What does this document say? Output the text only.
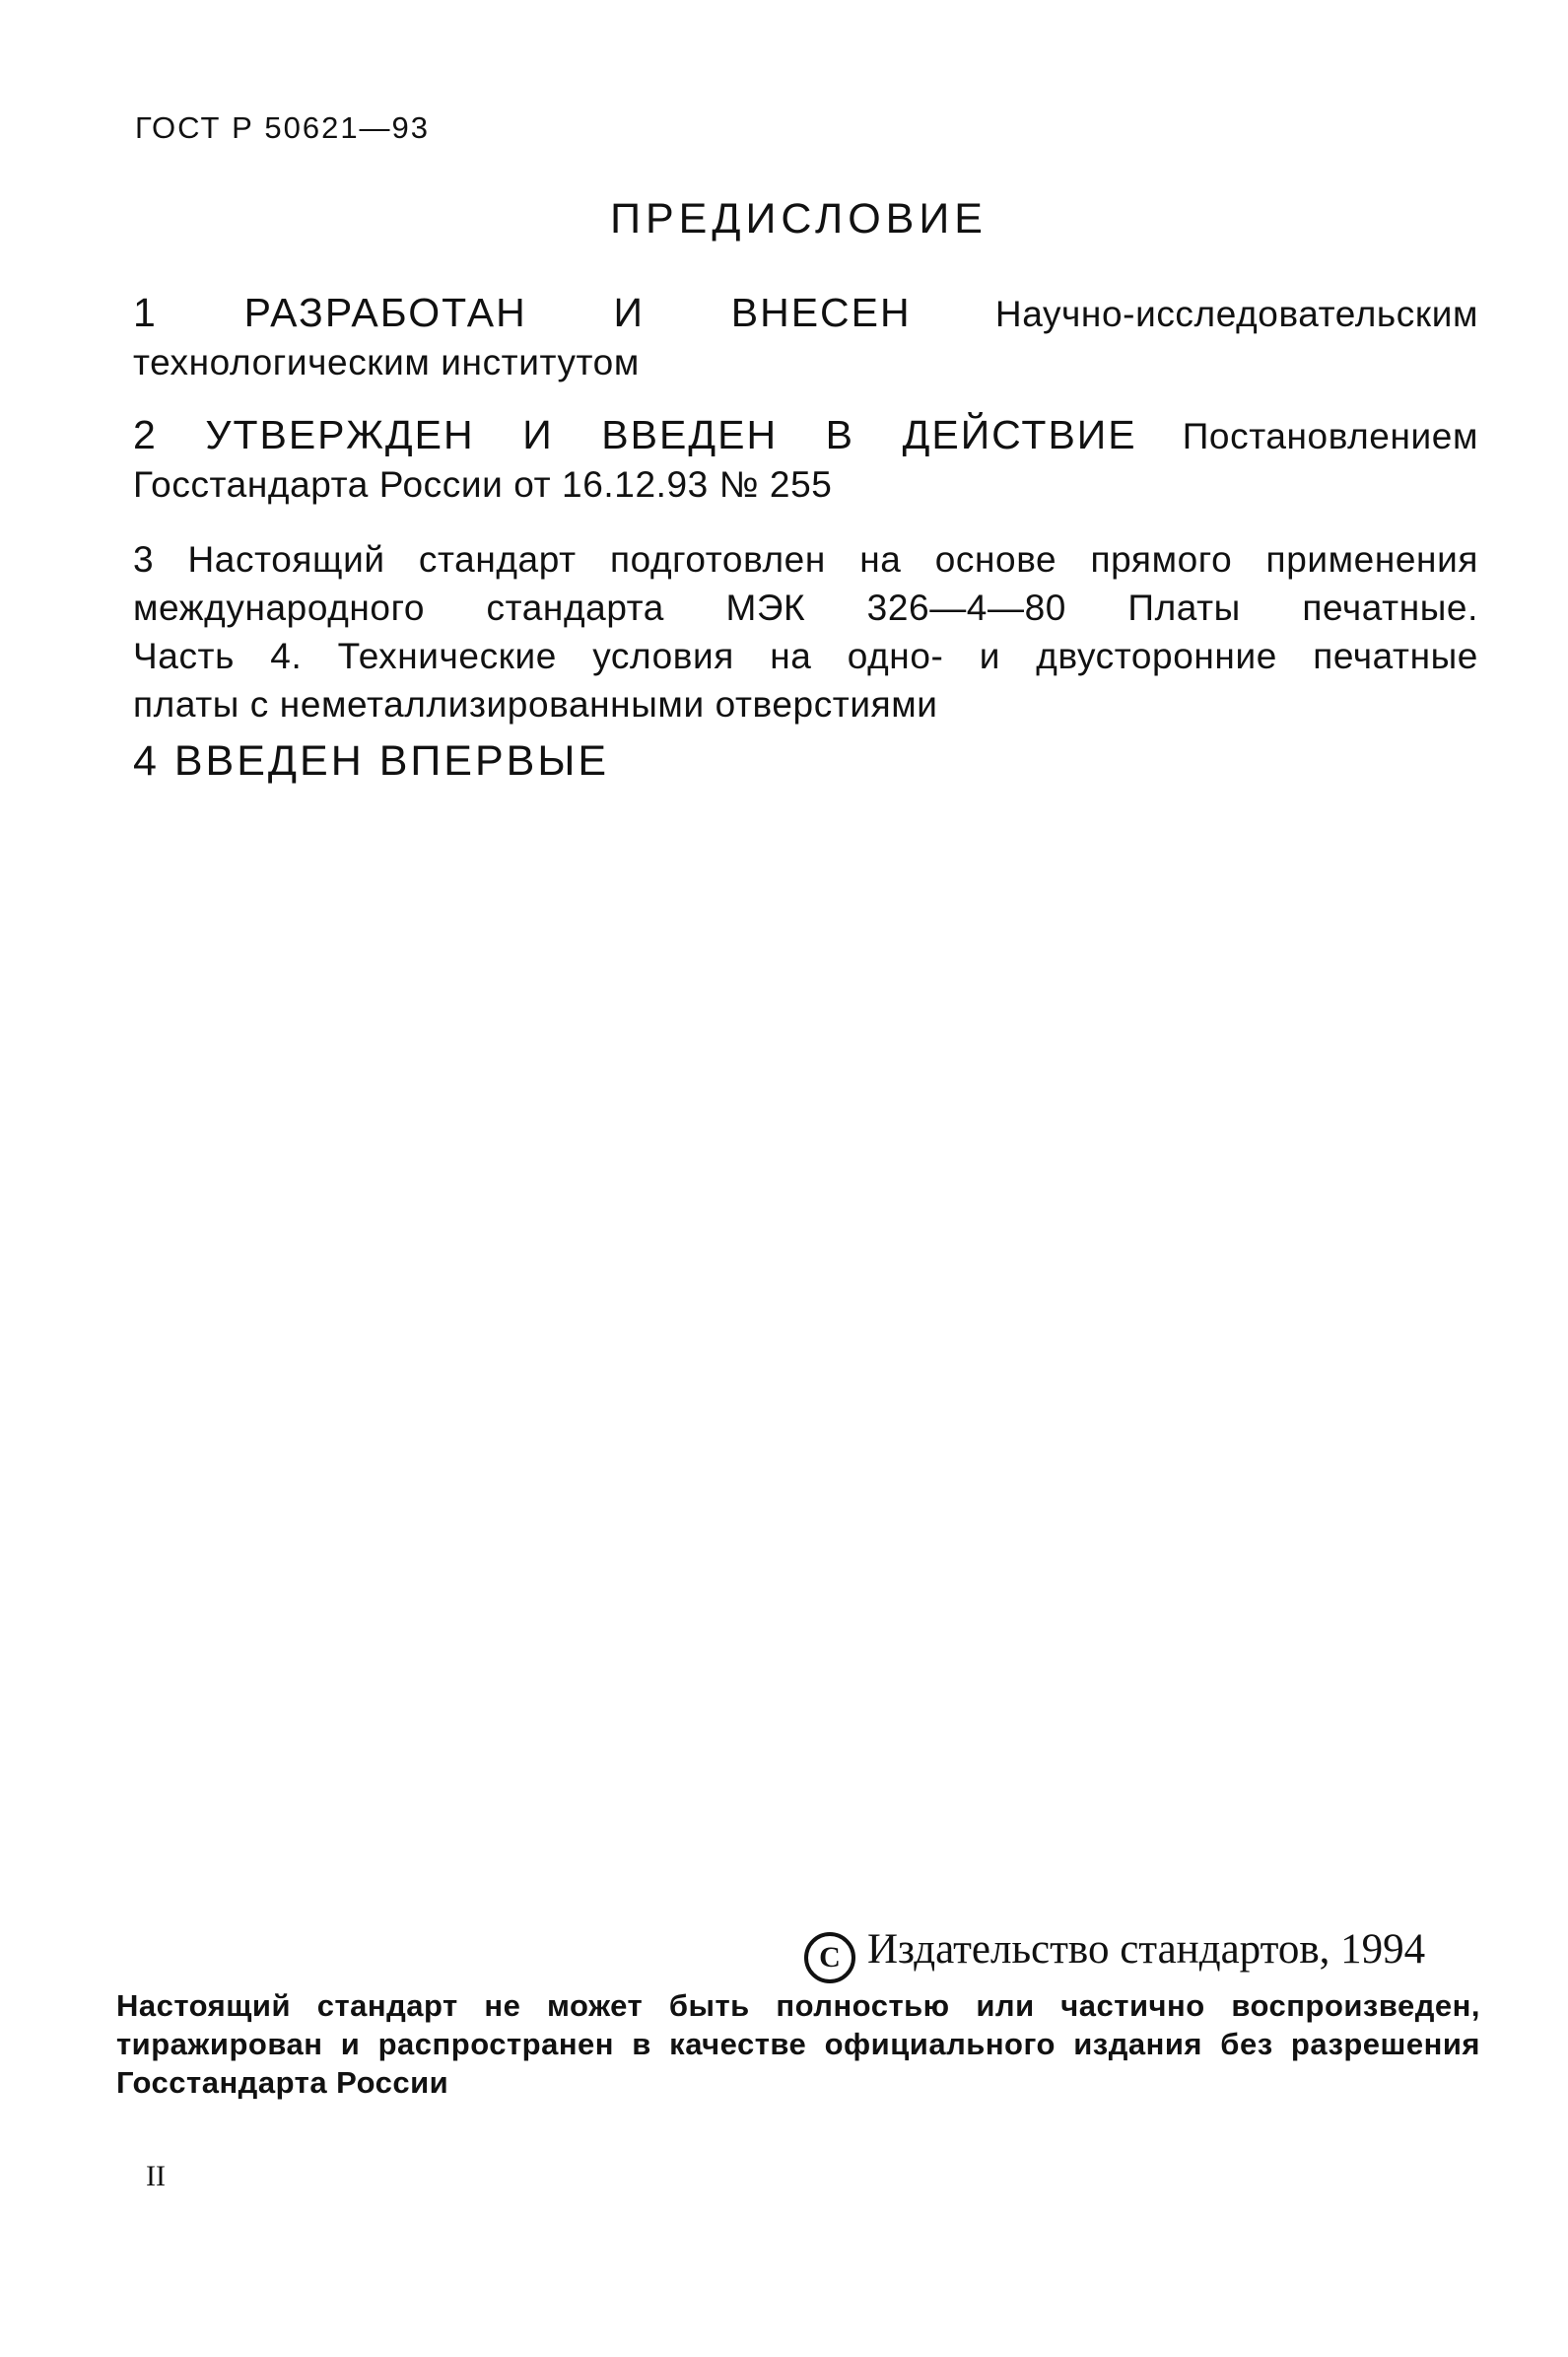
ГОСТ Р 50621—93
ПРЕДИСЛОВИЕ
1 РАЗРАБОТАН И ВНЕСЕН Научно-исследовательским технологическим институтом
2 УТВЕРЖДЕН И ВВЕДЕН В ДЕЙСТВИЕ Постановлением Госстандарта России от 16.12.93 № 255
3 Настоящий стандарт подготовлен на основе прямого применения
международного стандарта МЭК 326—4—80 Платы печатные.
Часть 4. Технические условия на одно- и двусторонние печатные
платы с неметаллизированными отверстиями
4 ВВЕДЕН ВПЕРВЫЕ
C Издательство стандартов, 1994
Настоящий стандарт не может быть полностью или частично воспроизведен,
тиражирован и распространен в качестве официального издания без разрешения
Госстандарта России
II
